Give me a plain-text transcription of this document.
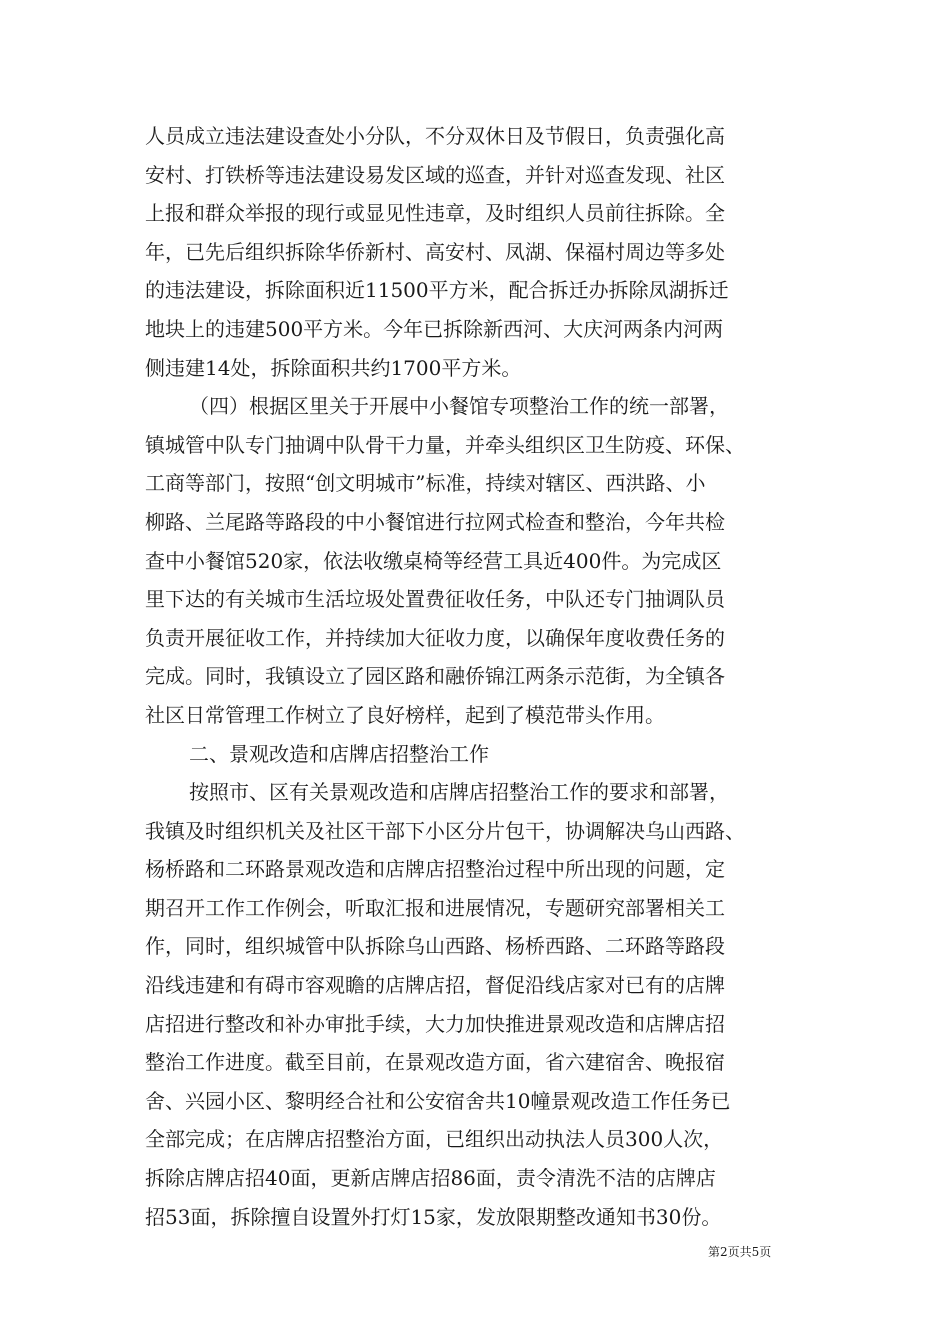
人员成立违法建设查处小分队，不分双休日及节假日，负责强化高
安村、打铁桥等违法建设易发区域的巡查，并针对巡查发现、社区
上报和群众举报的现行或显见性违章，及时组织人员前往拆除。全
年，已先后组织拆除华侨新村、高安村、凤湖、保福村周边等多处
的违法建设，拆除面积近11500平方米，配合拆迁办拆除凤湖拆迁
地块上的违建500平方米。今年已拆除新西河、大庆河两条内河两
侧违建14处，拆除面积共约1700平方米。
（四）根据区里关于开展中小餐馆专项整治工作的统一部署，
镇城管中队专门抽调中队骨干力量，并牵头组织区卫生防疫、环保、
工商等部门，按照“创文明城市”标准，持续对辖区、西洪路、小
柳路、兰尾路等路段的中小餐馆进行拉网式检查和整治，今年共检
查中小餐馆520家，依法收缴桌椅等经营工具近400件。为完成区
里下达的有关城市生活垃圾处置费征收任务，中队还专门抽调队员
负责开展征收工作，并持续加大征收力度，以确保年度收费任务的
完成。同时，我镇设立了园区路和融侨锦江两条示范街，为全镇各
社区日常管理工作树立了良好榜样，起到了模范带头作用。
二、景观改造和店牌店招整治工作
按照市、区有关景观改造和店牌店招整治工作的要求和部署，
我镇及时组织机关及社区干部下小区分片包干，协调解决乌山西路、
杨桥路和二环路景观改造和店牌店招整治过程中所出现的问题，定
期召开工作工作例会，听取汇报和进展情况，专题研究部署相关工
作，同时，组织城管中队拆除乌山西路、杨桥西路、二环路等路段
沿线违建和有碍市容观瞻的店牌店招，督促沿线店家对已有的店牌
店招进行整改和补办审批手续，大力加快推进景观改造和店牌店招
整治工作进度。截至目前，在景观改造方面，省六建宿舍、晚报宿
舍、兴园小区、黎明经合社和公安宿舍共10幢景观改造工作任务已
全部完成；在店牌店招整治方面，已组织出动执法人员300人次，
拆除店牌店招40面，更新店牌店招86面，责令清洗不洁的店牌店
招53面，拆除擅自设置外打灯15家，发放限期整改通知书30份。
第2页共5页
